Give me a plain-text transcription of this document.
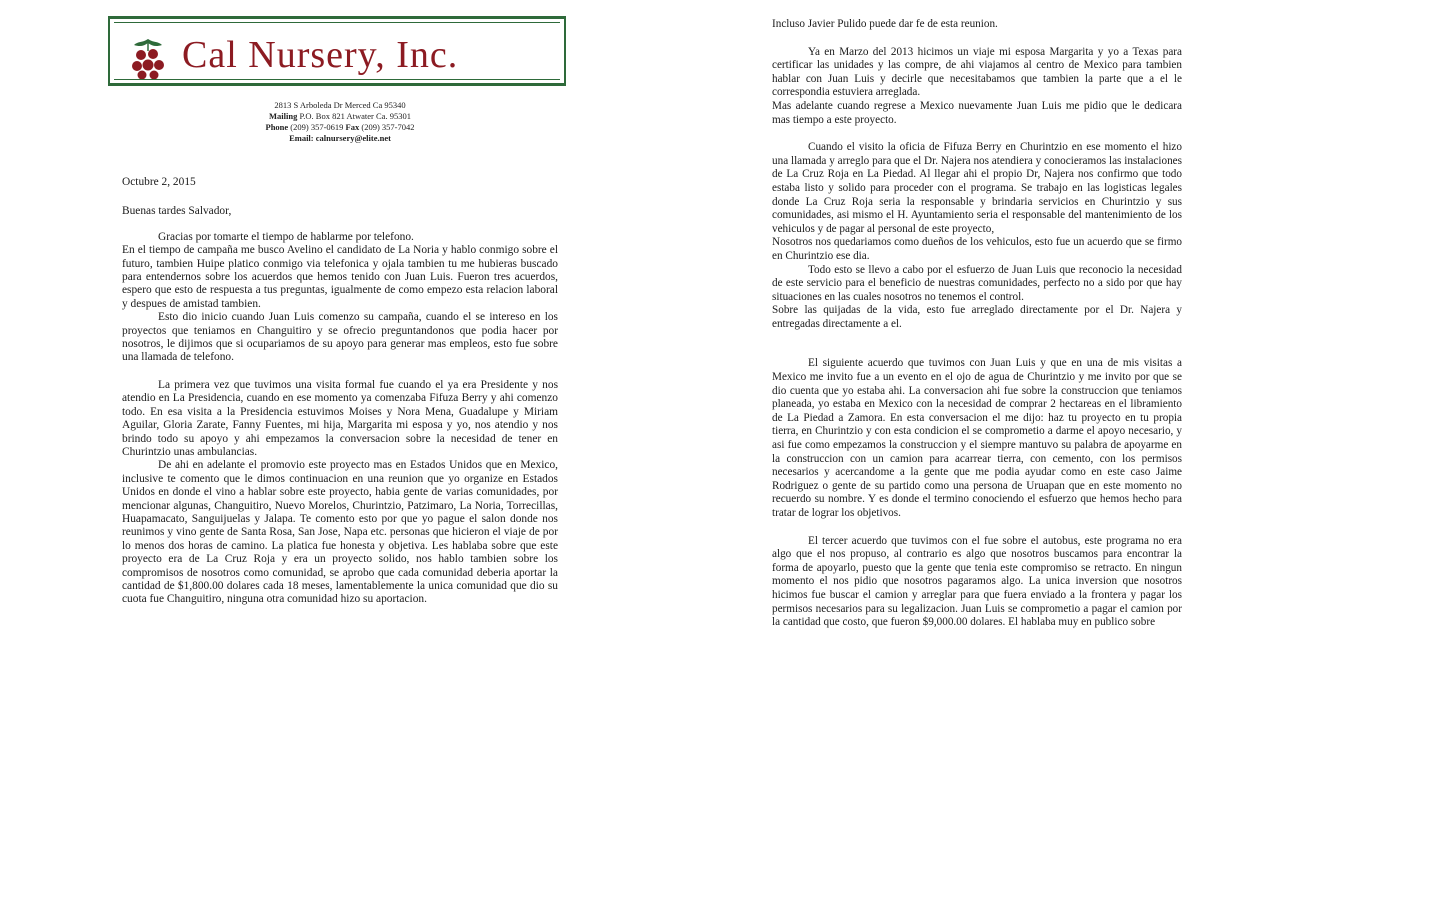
Cal Nursery, Inc.
2813 S Arboleda Dr Merced Ca 95340
Mailing P.O. Box 821 Atwater Ca. 95301
Phone (209) 357-0619 Fax (209) 357-7042
Email: calnursery@elite.net

Octubre 2, 2015

Buenas tardes Salvador,

Gracias por tomarte el tiempo de hablarme por telefono.

En el tiempo de campaña me busco Avelino el candidato de La Noria y hablo conmigo sobre el futuro, tambien Huipe platico conmigo via telefonica y ojala tambien tu me hubieras buscado para entendernos sobre los acuerdos que hemos tenido con Juan Luis. Fueron tres acuerdos, espero que esto de respuesta a tus preguntas, igualmente de como empezo esta relacion laboral y despues de amistad tambien.

Esto dio inicio cuando Juan Luis comenzo su campaña, cuando el se intereso en los proyectos que teniamos en Changuitiro y se ofrecio preguntandonos que podia hacer por nosotros, le dijimos que si ocupariamos de su apoyo para generar mas empleos, esto fue sobre una llamada de telefono.

La primera vez que tuvimos una visita formal fue cuando el ya era Presidente y nos atendio en La Presidencia, cuando en ese momento ya comenzaba Fifuza Berry y ahi comenzo todo. En esa visita a la Presidencia estuvimos Moises y Nora Mena, Guadalupe y Miriam Aguilar, Gloria Zarate, Fanny Fuentes, mi hija, Margarita mi esposa y yo, nos atendio y nos brindo todo su apoyo y ahi empezamos la conversacion sobre la necesidad de tener en Churintzio unas ambulancias.

De ahi en adelante el promovio este proyecto mas en Estados Unidos que en Mexico, inclusive te comento que le dimos continuacion en una reunion que yo organize en Estados Unidos en donde el vino a hablar sobre este proyecto, habia gente de varias comunidades, por mencionar algunas, Changuitiro, Nuevo Morelos, Churintzio, Patzimaro, La Noria, Torrecillas, Huapamacato, Sanguijuelas y Jalapa. Te comento esto por que yo pague el salon donde nos reunimos y vino gente de Santa Rosa, San Jose, Napa etc. personas que hicieron el viaje de por lo menos dos horas de camino. La platica fue honesta y objetiva. Les hablaba sobre que este proyecto era de La Cruz Roja y era un proyecto solido, nos hablo tambien sobre los compromisos de nosotros como comunidad, se aprobo que cada comunidad deberia aportar la cantidad de $1,800.00 dolares cada 18 meses, lamentablemente la unica comunidad que dio su cuota fue Changuitiro, ninguna otra comunidad hizo su aportacion.

Incluso Javier Pulido puede dar fe de esta reunion.

Ya en Marzo del 2013 hicimos un viaje mi esposa Margarita y yo a Texas para certificar las unidades y las compre, de ahi viajamos al centro de Mexico para tambien hablar con Juan Luis y decirle que necesitabamos que tambien la parte que a el le correspondia estuviera arreglada.

Mas adelante cuando regrese a Mexico nuevamente Juan Luis me pidio que le dedicara mas tiempo a este proyecto.

Cuando el visito la oficia de Fifuza Berry en Churintzio en ese momento el hizo una llamada y arreglo para que el Dr. Najera nos atendiera y conocieramos las instalaciones de La Cruz Roja en La Piedad. Al llegar ahi el propio Dr, Najera nos confirmo que todo estaba listo y solido para proceder con el programa. Se trabajo en las logisticas legales donde La Cruz Roja seria la responsable y brindaria servicios en Churintzio y sus comunidades, asi mismo el H. Ayuntamiento seria el responsable del mantenimiento de los vehiculos y de pagar al personal de este proyecto,

Nosotros nos quedariamos como dueños de los vehiculos, esto fue un acuerdo que se firmo en Churintzio ese dia.

Todo esto se llevo a cabo por el esfuerzo de Juan Luis que reconocio la necesidad de este servicio para el beneficio de nuestras comunidades, perfecto no a sido por que hay situaciones en las cuales nosotros no tenemos el control.

Sobre las quijadas de la vida, esto fue arreglado directamente por el Dr. Najera y entregadas directamente a el.

El siguiente acuerdo que tuvimos con Juan Luis y que en una de mis visitas a Mexico me invito fue a un evento en el ojo de agua de Churintzio y me invito por que se dio cuenta que yo estaba ahi. La conversacion ahi fue sobre la construccion que teniamos planeada, yo estaba en Mexico con la necesidad de comprar 2 hectareas en el libramiento de La Piedad a Zamora. En esta conversacion el me dijo: haz tu proyecto en tu propia tierra, en Churintzio y con esta condicion el se comprometio a darme el apoyo necesario, y asi fue como empezamos la construccion y el siempre mantuvo su palabra de apoyarme en la construccion con un camion para acarrear tierra, con cemento, con los permisos necesarios y acercandome a la gente que me podia ayudar como en este caso Jaime Rodriguez o gente de su partido como una persona de Uruapan que en este momento no recuerdo su nombre. Y es donde el termino conociendo el esfuerzo que hemos hecho para tratar de lograr los objetivos.

El tercer acuerdo que tuvimos con el fue sobre el autobus, este programa no era algo que el nos propuso, al contrario es algo que nosotros buscamos para encontrar la forma de apoyarlo, puesto que la gente que tenia este compromiso se retracto. En ningun momento el nos pidio que nosotros pagaramos algo. La unica inversion que nosotros hicimos fue buscar el camion y arreglar para que fuera enviado a la frontera y pagar los permisos necesarios para su legalizacion. Juan Luis se comprometio a pagar el camion por la cantidad que costo, que fueron $9,000.00 dolares. El hablaba muy en publico sobre
